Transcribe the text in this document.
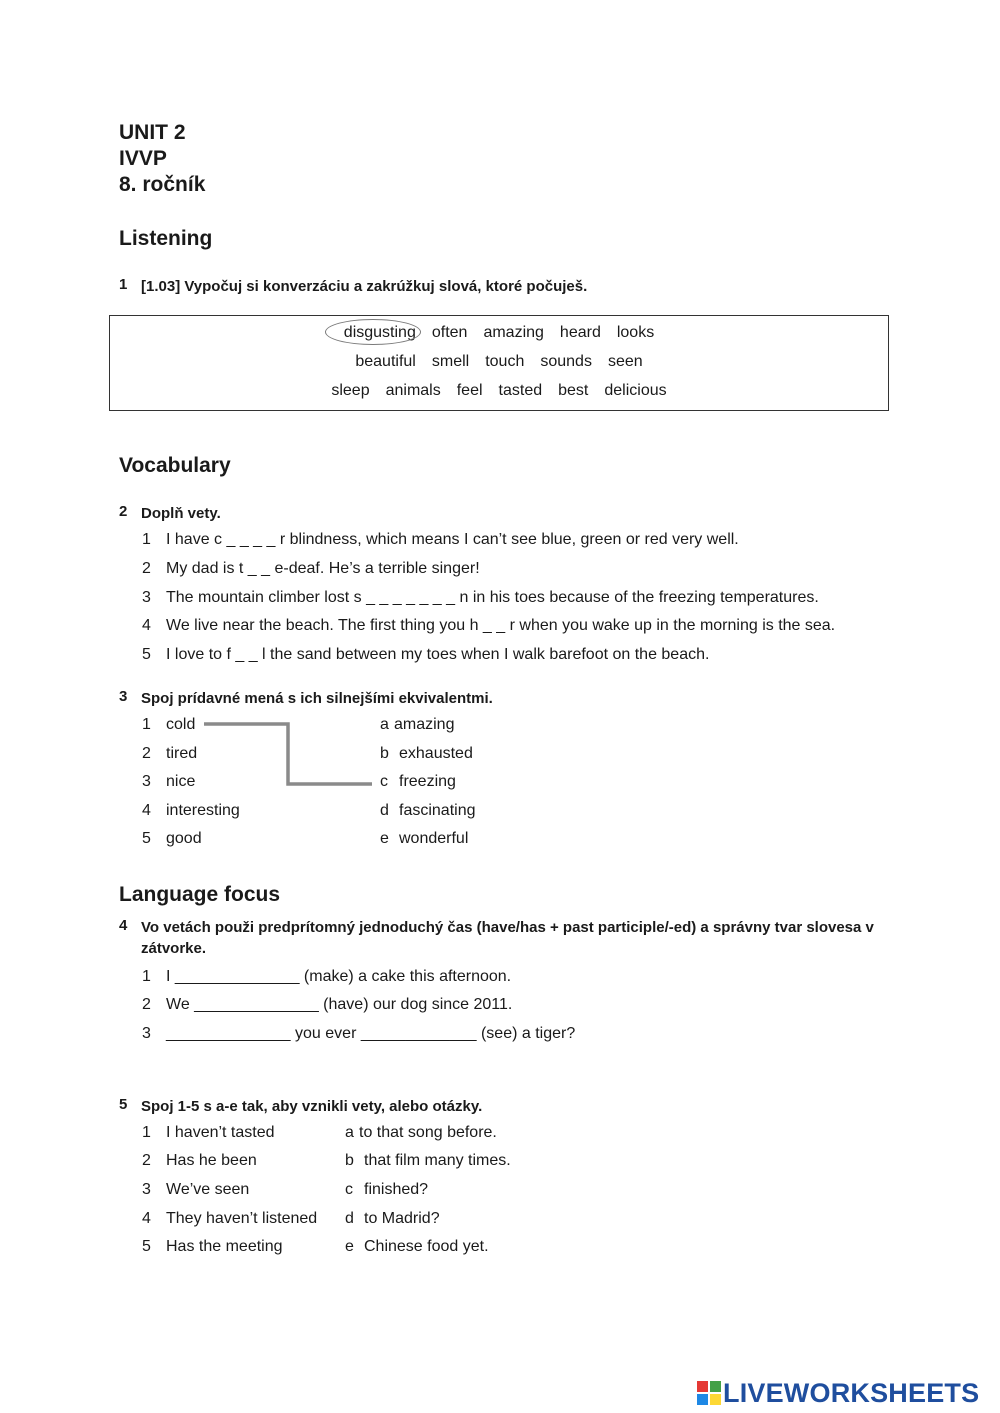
UNIT 2
IVVP
8. ročník
Listening
1 [1.03] Vypočuj si konverzáciu a zakrúžkuj slová, ktoré počuješ.
disgusting often amazing heard looks
beautiful smell touch sounds seen
sleep animals feel tasted best delicious
Vocabulary
2 Doplň vety.
1 I have c _ _ _ _ r blindness, which means I can’t see blue, green or red very well.
2 My dad is t _ _ e-deaf. He’s a terrible singer!
3 The mountain climber lost s _ _ _ _ _ _ _ n in his toes because of the freezing temperatures.
4 We live near the beach. The first thing you h _ _ r when you wake up in the morning is the sea.
5 I love to f _ _ l the sand between my toes when I walk barefoot on the beach.
3 Spoj prídavné mená s ich silnejšími ekvivalentmi.
1 cold
2 tired
3 nice
4 interesting
5 good
a amazing
b exhausted
c freezing
d fascinating
e wonderful
Language focus
4 Vo vetách použi predprítomný jednoduchý čas (have/has + past participle/-ed) a správny tvar slovesa v zátvorke.
1 I ______________ (make) a cake this afternoon.
2 We ______________ (have) our dog since 2011.
3 ______________ you ever _____________ (see) a tiger?
5 Spoj 1-5 s a-e tak, aby vznikli vety, alebo otázky.
1 I haven’t tasted
2 Has he been
3 We’ve seen
4 They haven’t listened
5 Has the meeting
a to that song before.
b that film many times.
c finished?
d to Madrid?
e Chinese food yet.
LIVEWORKSHEETS
